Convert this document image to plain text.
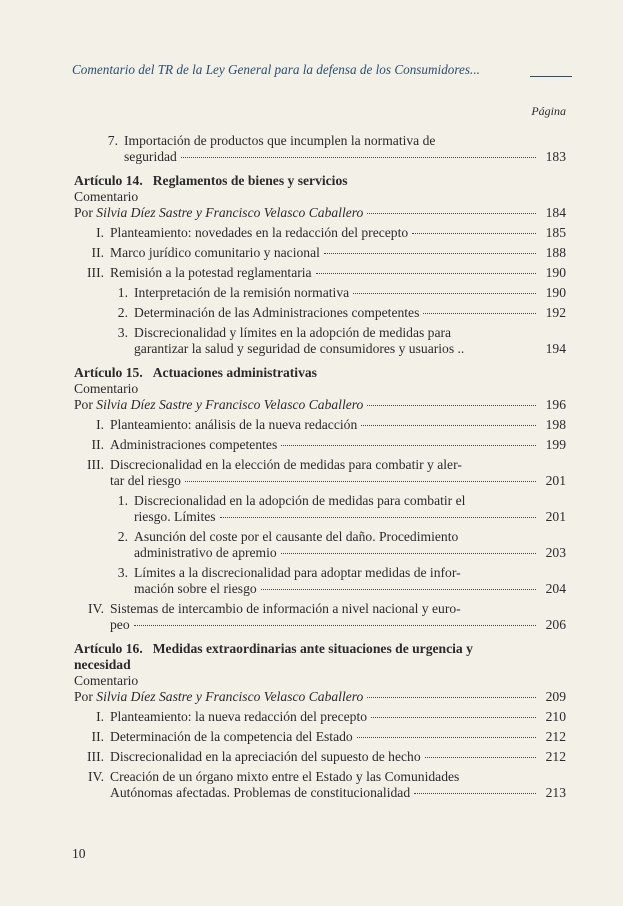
Comentario del TR de la Ley General para la defensa de los Consumidores...
Página
7. Importación de productos que incumplen la normativa de
seguridad	183
Artículo 14. Reglamentos de bienes y servicios
Comentario
Por
Silvia Díez Sastre y Francisco Velasco Caballero	184
I. Planteamiento: novedades en la redacción del precepto	185
II. Marco jurídico comunitario y nacional	188
III. Remisión a la potestad reglamentaria	190
1. Interpretación de la remisión normativa	190
2. Determinación de las Administraciones competentes	192
3. Discrecionalidad y límites en la adopción de medidas para
garantizar la salud y seguridad de consumidores y usuarios ..	194
Artículo 15. Actuaciones administrativas
Comentario
Por
Silvia Díez Sastre y Francisco Velasco Caballero	196
I. Planteamiento: análisis de la nueva redacción	198
II. Administraciones competentes	199
III. Discrecionalidad en la elección de medidas para combatir y aler-
tar del riesgo	201
1. Discrecionalidad en la adopción de medidas para combatir el
riesgo. Límites	201
2. Asunción del coste por el causante del daño. Procedimiento
administrativo de apremio	203
3. Límites a la discrecionalidad para adoptar medidas de infor-
mación sobre el riesgo	204
IV. Sistemas de intercambio de información a nivel nacional y euro-
peo	206
Artículo 16. Medidas extraordinarias ante situaciones de urgencia y
necesidad
Comentario
Por
Silvia Díez Sastre y Francisco Velasco Caballero	209
I. Planteamiento: la nueva redacción del precepto	210
II. Determinación de la competencia del Estado	212
III. Discrecionalidad en la apreciación del supuesto de hecho	212
IV. Creación de un órgano mixto entre el Estado y las Comunidades
Autónomas afectadas. Problemas de constitucionalidad	213
10
